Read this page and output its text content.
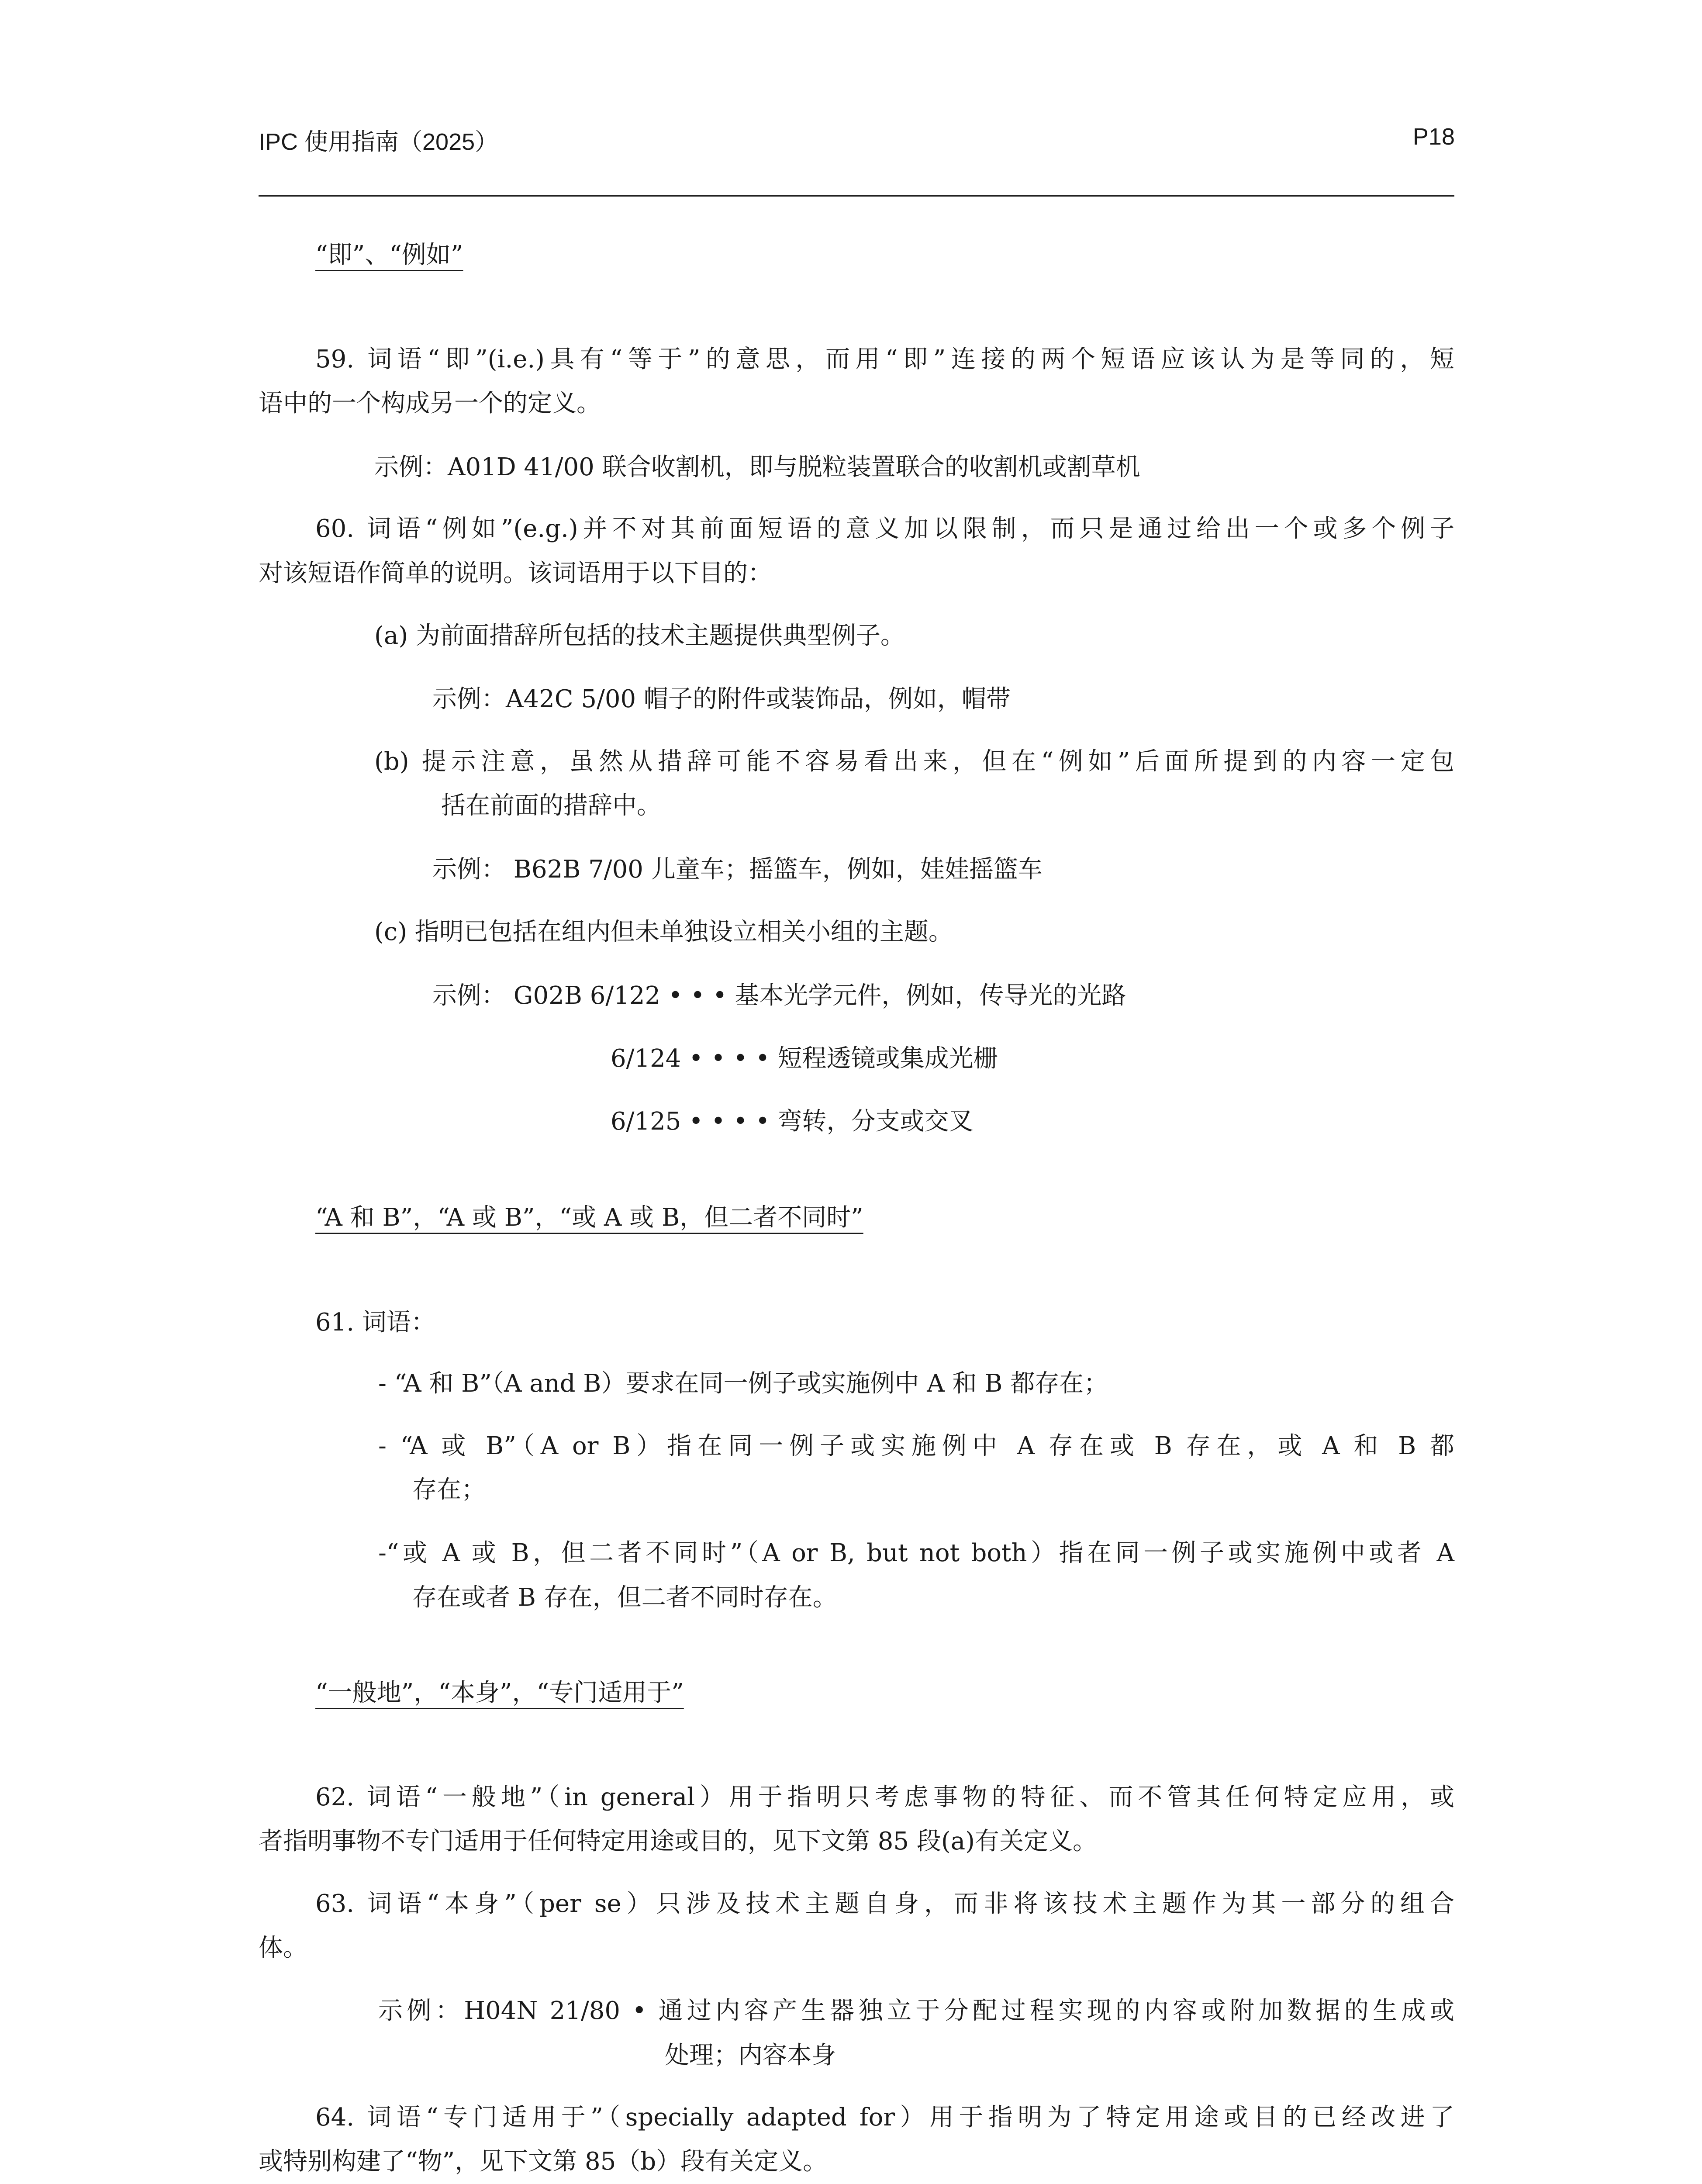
IPC 使用指南（2025）	P18
“即”、“例如”
59. 词语“即”(i.e.)具有“等于”的意思，而用“即”连接的两个短语应该认为是等同的，短
语中的一个构成另一个的定义。
示例：A01D 41/00 联合收割机，即与脱粒装置联合的收割机或割草机
60. 词语“例如”(e.g.)并不对其前面短语的意义加以限制，而只是通过给出一个或多个例子
对该短语作简单的说明。该词语用于以下目的：
(a) 为前面措辞所包括的技术主题提供典型例子。
示例：A42C 5/00 帽子的附件或装饰品，例如，帽带
(b) 提示注意，虽然从措辞可能不容易看出来，但在“例如”后面所提到的内容一定包
括在前面的措辞中。
示例： B62B 7/00 儿童车；摇篮车，例如，娃娃摇篮车
(c) 指明已包括在组内但未单独设立相关小组的主题。
示例： G02B 6/122 • • • 基本光学元件，例如，传导光的光路
6/124 • • • • 短程透镜或集成光栅
6/125 • • • • 弯转，分支或交叉
“A 和 B”，“A 或 B”，“或 A 或 B，但二者不同时”
61. 词语：
- “A 和 B”（A and B）要求在同一例子或实施例中 A 和 B 都存在；
- “A 或 B”（A or B）指在同一例子或实施例中 A 存在或 B 存在，或 A 和 B 都
存在；
-“或 A 或 B，但二者不同时”（A or B, but not both）指在同一例子或实施例中或者 A
存在或者 B 存在，但二者不同时存在。
“一般地”，“本身”，“专门适用于”
62. 词语“一般地”（in general）用于指明只考虑事物的特征、而不管其任何特定应用，或
者指明事物不专门适用于任何特定用途或目的，见下文第 85 段(a)有关定义。
63. 词语“本身”（per se）只涉及技术主题自身，而非将该技术主题作为其一部分的组合
体。
示例：H04N 21/80 • 通过内容产生器独立于分配过程实现的内容或附加数据的生成或
处理；内容本身
64. 词语“专门适用于”（specially adapted for）用于指明为了特定用途或目的已经改进了
或特别构建了“物”，见下文第 85（b）段有关定义。
